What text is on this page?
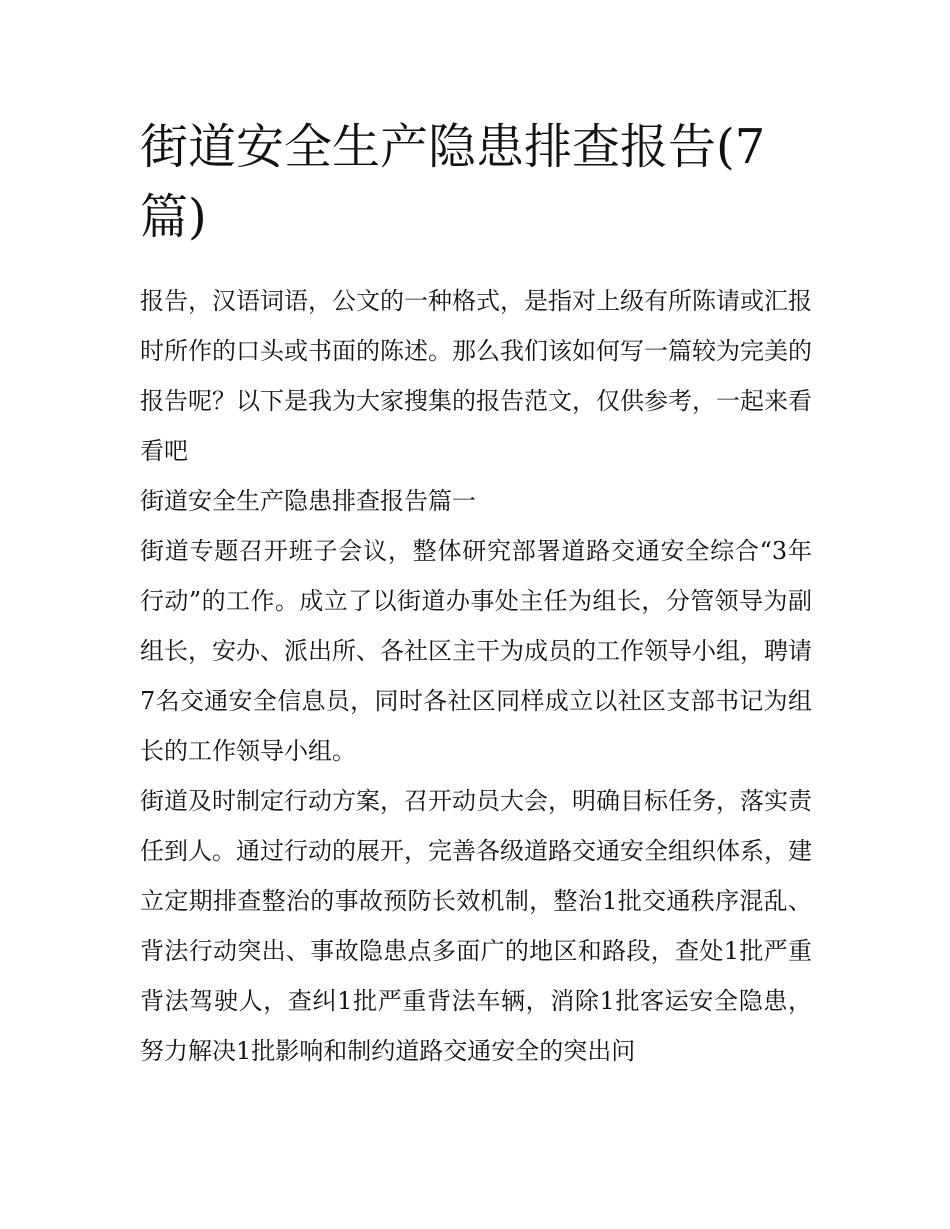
街道安全生产隐患排查报告(7篇)

报告，汉语词语，公文的一种格式，是指对上级有所陈请或汇报时所作的口头或书面的陈述。那么我们该如何写一篇较为完美的报告呢？以下是我为大家搜集的报告范文，仅供参考，一起来看看吧

街道安全生产隐患排查报告篇一

街道专题召开班子会议，整体研究部署道路交通安全综合“3年行动”的工作。成立了以街道办事处主任为组长，分管领导为副组长，安办、派出所、各社区主干为成员的工作领导小组，聘请7名交通安全信息员，同时各社区同样成立以社区支部书记为组长的工作领导小组。

街道及时制定行动方案，召开动员大会，明确目标任务，落实责任到人。通过行动的展开，完善各级道路交通安全组织体系，建立定期排查整治的事故预防长效机制，整治1批交通秩序混乱、背法行动突出、事故隐患点多面广的地区和路段，查处1批严重背法驾驶人，查纠1批严重背法车辆，消除1批客运安全隐患，努力解决1批影响和制约道路交通安全的突出问
